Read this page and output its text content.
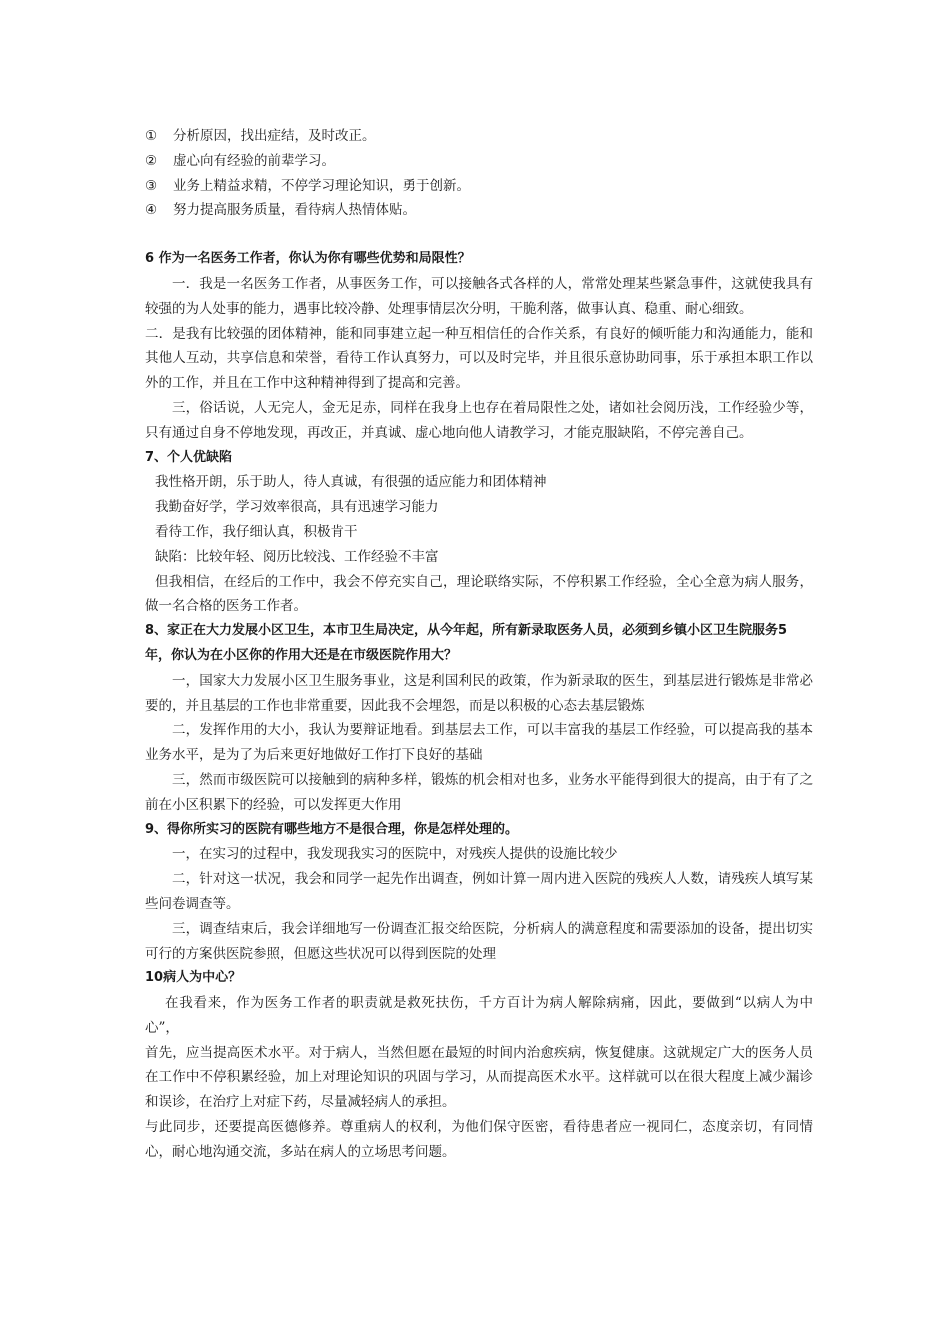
①	分析原因，找出症结，及时改正。

②	虚心向有经验的前辈学习。

③	业务上精益求精，不停学习理论知识，勇于创新。

④	努力提高服务质量，看待病人热情体贴。

6 作为一名医务工作者，你认为你有哪些优势和局限性？

一．我是一名医务工作者，从事医务工作，可以接触各式各样的人，常常处理某些紧急事件，这就使我具有较强的为人处事的能力，遇事比较冷静、处理事情层次分明，干脆利落，做事认真、稳重、耐心细致。

二．是我有比较强的团体精神，能和同事建立起一种互相信任的合作关系，有良好的倾听能力和沟通能力，能和其他人互动，共享信息和荣誉，看待工作认真努力，可以及时完毕，并且很乐意协助同事，乐于承担本职工作以外的工作，并且在工作中这种精神得到了提高和完善。

三，俗话说，人无完人，金无足赤，同样在我身上也存在着局限性之处，诸如社会阅历浅，工作经验少等，只有通过自身不停地发现，再改正，并真诚、虚心地向他人请教学习，才能克服缺陷，不停完善自己。

7、个人优缺陷

我性格开朗，乐于助人，待人真诚，有很强的适应能力和团体精神

我勤奋好学，学习效率很高，具有迅速学习能力

看待工作，我仔细认真，积极肯干

缺陷：比较年轻、阅历比较浅、工作经验不丰富

但我相信，在经后的工作中，我会不停充实自己，理论联络实际，不停积累工作经验，全心全意为病人服务，做一名合格的医务工作者。

8、家正在大力发展小区卫生，本市卫生局决定，从今年起，所有新录取医务人员，必须到乡镇小区卫生院服务5年，你认为在小区你的作用大还是在市级医院作用大？

一，国家大力发展小区卫生服务事业，这是利国利民的政策，作为新录取的医生，到基层进行锻炼是非常必要的，并且基层的工作也非常重要，因此我不会埋怨，而是以积极的心态去基层锻炼

二，发挥作用的大小，我认为要辩证地看。到基层去工作，可以丰富我的基层工作经验，可以提高我的基本业务水平，是为了为后来更好地做好工作打下良好的基础

三，然而市级医院可以接触到的病种多样，锻炼的机会相对也多，业务水平能得到很大的提高，由于有了之前在小区积累下的经验，可以发挥更大作用

9、得你所实习的医院有哪些地方不是很合理，你是怎样处理的。

一，在实习的过程中，我发现我实习的医院中，对残疾人提供的设施比较少

二，针对这一状况，我会和同学一起先作出调查，例如计算一周内进入医院的残疾人人数，请残疾人填写某些问卷调查等。

三，调查结束后，我会详细地写一份调查汇报交给医院，分析病人的满意程度和需要添加的设备，提出切实可行的方案供医院参照，但愿这些状况可以得到医院的处理

10病人为中心？

在我看来，作为医务工作者的职责就是救死扶伤，千方百计为病人解除病痛，因此，要做到“以病人为中心”，

首先，应当提高医术水平。对于病人，当然但愿在最短的时间内治愈疾病，恢复健康。这就规定广大的医务人员在工作中不停积累经验，加上对理论知识的巩固与学习，从而提高医术水平。这样就可以在很大程度上减少漏诊和误诊，在治疗上对症下药，尽量减轻病人的承担。

与此同步，还要提高医德修养。尊重病人的权利，为他们保守医密，看待患者应一视同仁，态度亲切，有同情心，耐心地沟通交流，多站在病人的立场思考问题。
